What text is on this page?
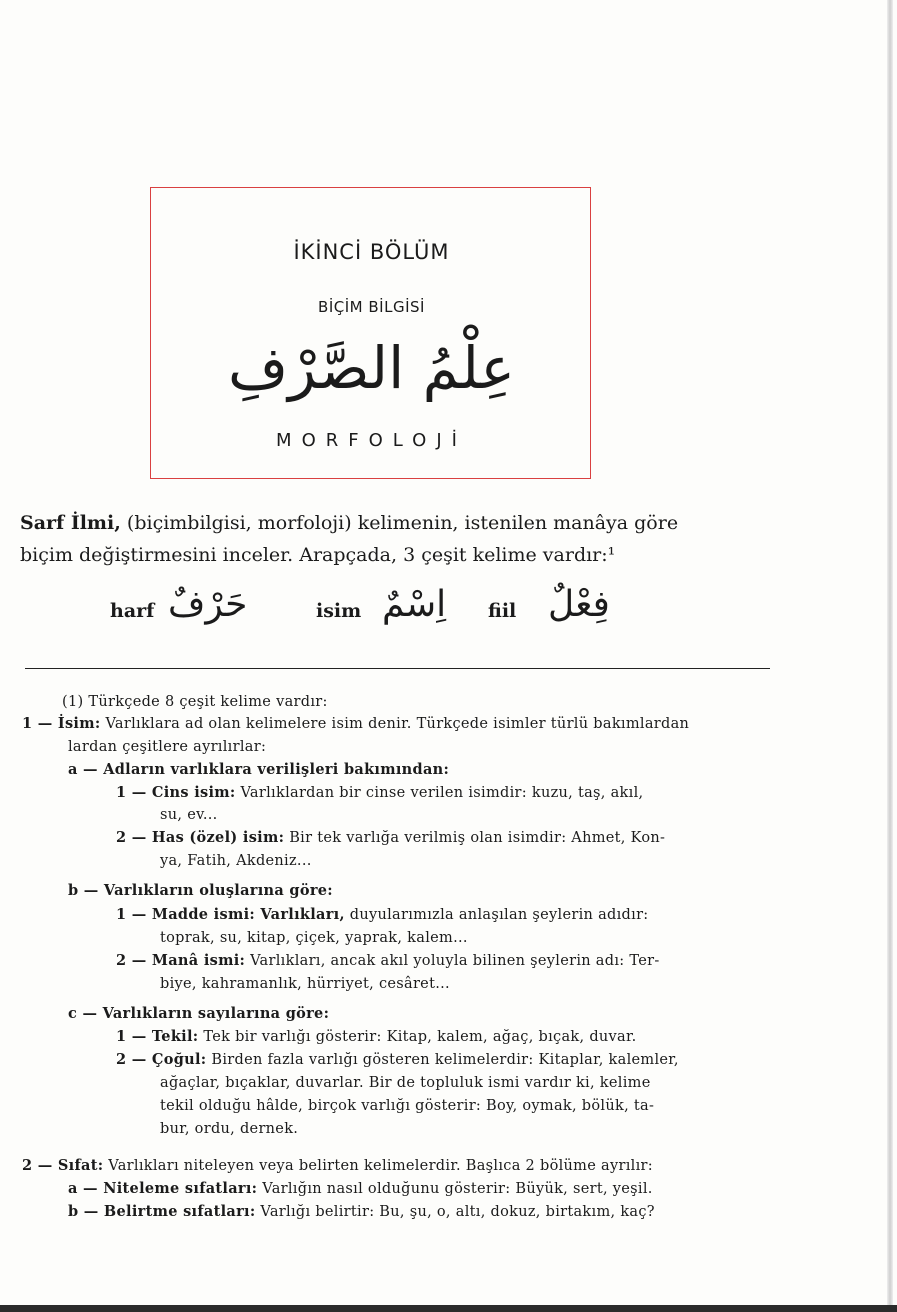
İKİNCİ BÖLÜM
BİÇİM BİLGİSİ
عِلْمُ الصَّرْفِ
MORFOLOJİ
Sarf İlmi, (biçimbilgisi, morfoloji) kelimenin, istenilen manâya göre
biçim değiştirmesini inceler. Arapçada, 3 çeşit kelime vardır:¹
harf حَرْفٌ	isim اِسْمٌ fiil فِعْلٌ
(1) Türkçede 8 çeşit kelime vardır:
1 — İsim: Varlıklara ad olan kelimelere isim denir. Türkçede isimler türlü bakımlardan
lardan çeşitlere ayrılırlar:
a — Adların varlıklara verilişleri bakımından:
1 — Cins isim: Varlıklardan bir cinse verilen isimdir: kuzu, taş, akıl,
su, ev...
2 — Has (özel) isim: Bir tek varlığa verilmiş olan isimdir: Ahmet, Kon-
ya, Fatih, Akdeniz...
b — Varlıkların oluşlarına göre:
1 — Madde ismi: Varlıkları, duyularımızla anlaşılan şeylerin adıdır:
toprak, su, kitap, çiçek, yaprak, kalem...
2 — Manâ ismi: Varlıkları, ancak akıl yoluyla bilinen şeylerin adı: Ter-
biye, kahramanlık, hürriyet, cesâret...
c — Varlıkların sayılarına göre:
1 — Tekil: Tek bir varlığı gösterir: Kitap, kalem, ağaç, bıçak, duvar.
2 — Çoğul: Birden fazla varlığı gösteren kelimelerdir: Kitaplar, kalemler,
ağaçlar, bıçaklar, duvarlar. Bir de topluluk ismi vardır ki, kelime
tekil olduğu hâlde, birçok varlığı gösterir: Boy, oymak, bölük, ta-
bur, ordu, dernek.
2 — Sıfat: Varlıkları niteleyen veya belirten kelimelerdir. Başlıca 2 bölüme ayrılır:
a — Niteleme sıfatları: Varlığın nasıl olduğunu gösterir: Büyük, sert, yeşil.
b — Belirtme sıfatları: Varlığı belirtir: Bu, şu, o, altı, dokuz, birtakım, kaç?
